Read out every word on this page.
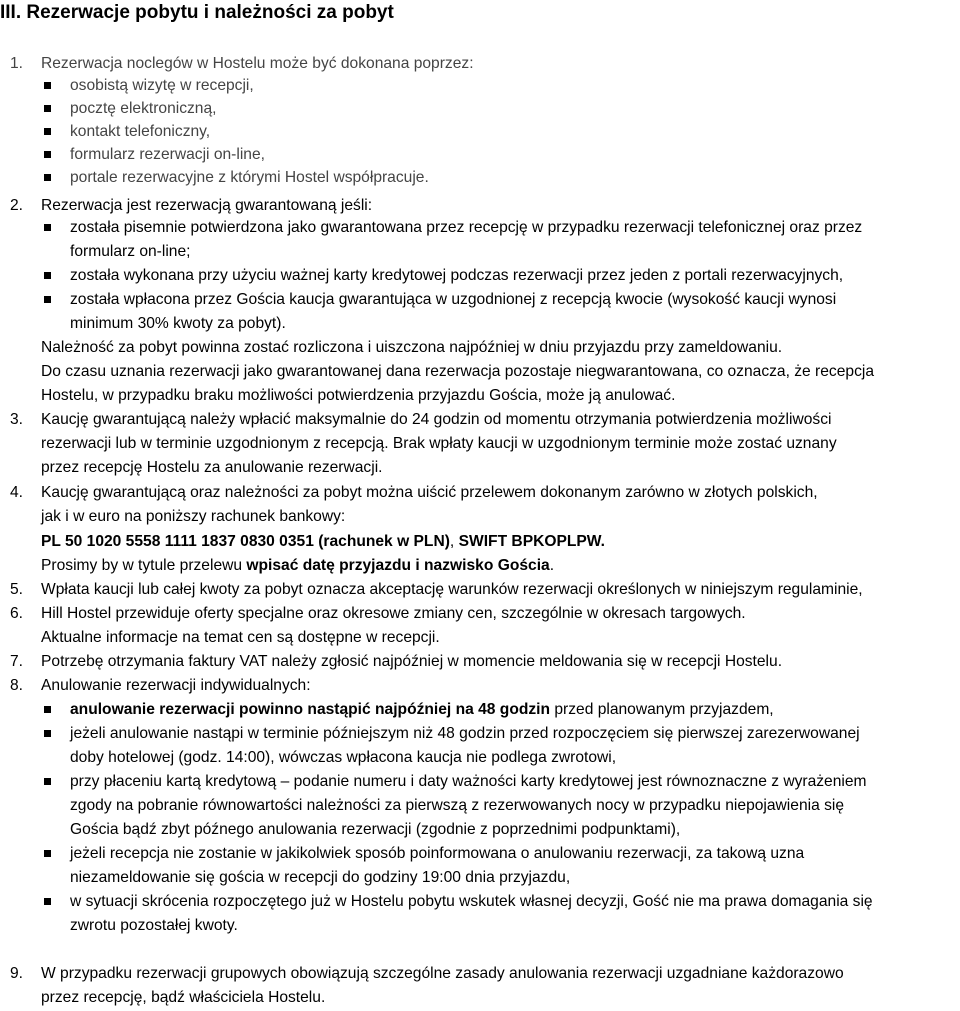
III. Rezerwacje pobytu i należności za pobyt
1. Rezerwacja noclegów w Hostelu może być dokonana poprzez:
osobistą wizytę w recepcji,
pocztę elektroniczną,
kontakt telefoniczny,
formularz rezerwacji on-line,
portale rezerwacyjne z którymi Hostel współpracuje.
2. Rezerwacja jest rezerwacją gwarantowaną jeśli:
została pisemnie potwierdzona jako gwarantowana przez recepcję w przypadku rezerwacji telefonicznej oraz przez
formularz on-line;
została wykonana przy użyciu ważnej karty kredytowej podczas rezerwacji przez jeden z portali rezerwacyjnych,
została wpłacona przez Gościa kaucja gwarantująca w uzgodnionej z recepcją kwocie (wysokość kaucji wynosi
minimum 30% kwoty za pobyt).
Należność za pobyt powinna zostać rozliczona i uiszczona najpóźniej w dniu przyjazdu przy zameldowaniu.
Do czasu uznania rezerwacji jako gwarantowanej dana rezerwacja pozostaje niegwarantowana, co oznacza, że recepcja
Hostelu, w przypadku braku możliwości potwierdzenia przyjazdu Gościa, może ją anulować.
3. Kaucję gwarantującą należy wpłacić maksymalnie do 24 godzin od momentu otrzymania potwierdzenia możliwości
rezerwacji lub w terminie uzgodnionym z recepcją. Brak wpłaty kaucji w uzgodnionym terminie może zostać uznany
przez recepcję Hostelu za anulowanie rezerwacji.
4. Kaucję gwarantującą oraz należności za pobyt można uiścić przelewem dokonanym zarówno w złotych polskich,
jak i w euro na poniższy rachunek bankowy:
PL 50 1020 5558 1111 1837 0830 0351 (rachunek w PLN), SWIFT BPKOPLPW.
Prosimy by w tytule przelewu wpisać datę przyjazdu i nazwisko Gościa.
5. Wpłata kaucji lub całej kwoty za pobyt oznacza akceptację warunków rezerwacji określonych w niniejszym regulaminie,
6. Hill Hostel przewiduje oferty specjalne oraz okresowe zmiany cen, szczególnie w okresach targowych.
Aktualne informacje na temat cen są dostępne w recepcji.
7. Potrzebę otrzymania faktury VAT należy zgłosić najpóźniej w momencie meldowania się w recepcji Hostelu.
8. Anulowanie rezerwacji indywidualnych:
anulowanie rezerwacji powinno nastąpić najpóźniej na 48 godzin przed planowanym przyjazdem,
jeżeli anulowanie nastąpi w terminie późniejszym niż 48 godzin przed rozpoczęciem się pierwszej zarezerwowanej
doby hotelowej (godz. 14:00), wówczas wpłacona kaucja nie podlega zwrotowi,
przy płaceniu kartą kredytową – podanie numeru i daty ważności karty kredytowej jest równoznaczne z wyrażeniem
zgody na pobranie równowartości należności za pierwszą z rezerwowanych nocy w przypadku niepojawienia się
Gościa bądź zbyt późnego anulowania rezerwacji (zgodnie z poprzednimi podpunktami),
jeżeli recepcja nie zostanie w jakikolwiek sposób poinformowana o anulowaniu rezerwacji, za takową uzna
niezameldowanie się gościa w recepcji do godziny 19:00 dnia przyjazdu,
w sytuacji skrócenia rozpoczętego już w Hostelu pobytu wskutek własnej decyzji, Gość nie ma prawa domagania się
zwrotu pozostałej kwoty.
9. W przypadku rezerwacji grupowych obowiązują szczególne zasady anulowania rezerwacji uzgadniane każdorazowo
przez recepcję, bądź właściciela Hostelu.
